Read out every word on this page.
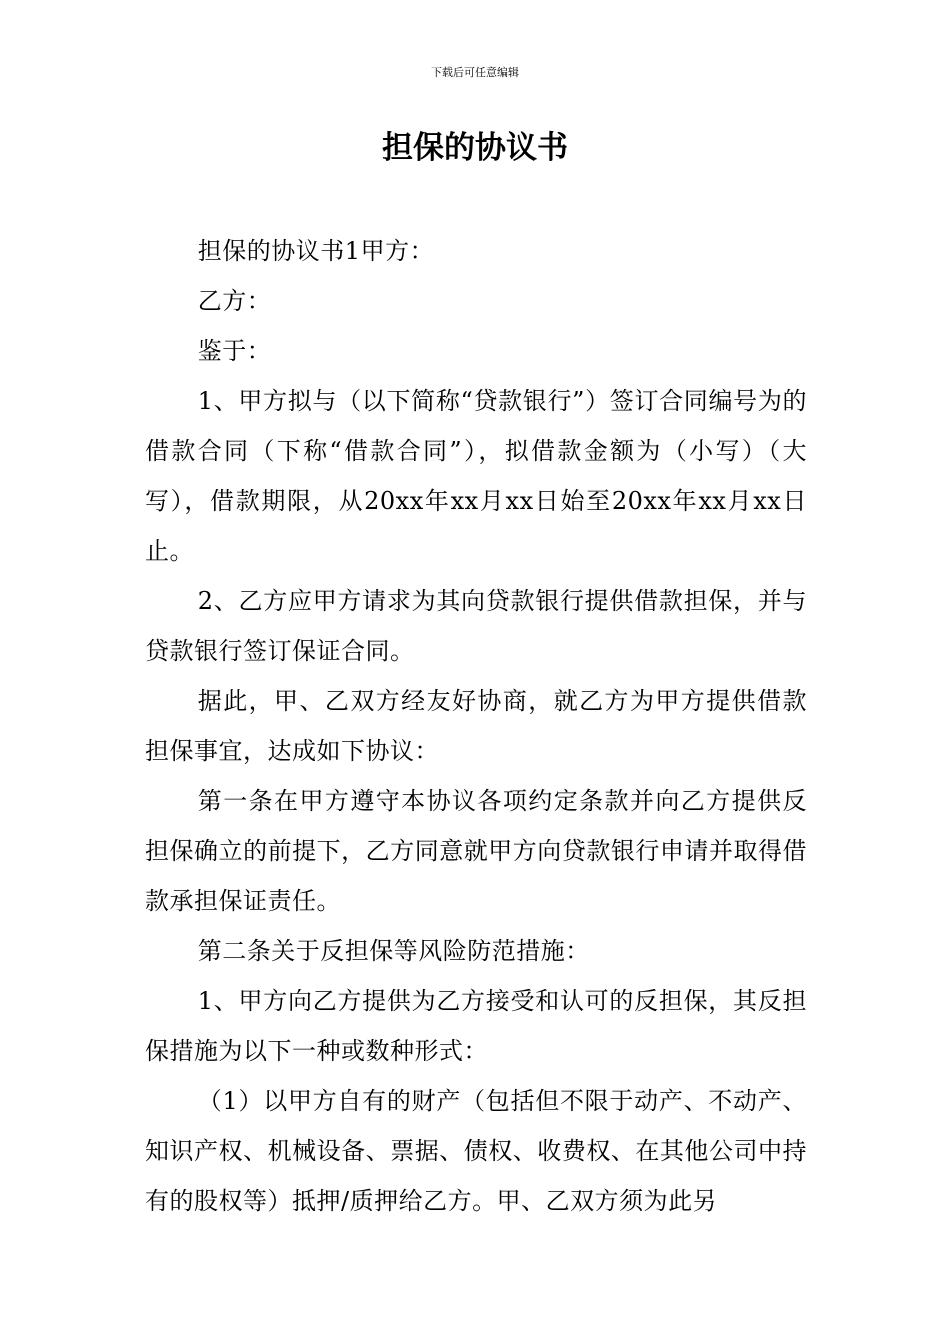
下载后可任意编辑
担保的协议书

担保的协议书1甲方：

乙方：

鉴于：

1、甲方拟与（以下简称“贷款银行”）签订合同编号为的借款合同（下称“借款合同”），拟借款金额为（小写）（大写），借款期限，从20xx年xx月xx日始至20xx年xx月xx日止。

2、乙方应甲方请求为其向贷款银行提供借款担保，并与贷款银行签订保证合同。

据此，甲、乙双方经友好协商，就乙方为甲方提供借款担保事宜，达成如下协议：

第一条在甲方遵守本协议各项约定条款并向乙方提供反担保确立的前提下，乙方同意就甲方向贷款银行申请并取得借款承担保证责任。

第二条关于反担保等风险防范措施：

1、甲方向乙方提供为乙方接受和认可的反担保，其反担保措施为以下一种或数种形式：

（1）以甲方自有的财产（包括但不限于动产、不动产、知识产权、机械设备、票据、债权、收费权、在其他公司中持有的股权等）抵押/质押给乙方。甲、乙双方须为此另
